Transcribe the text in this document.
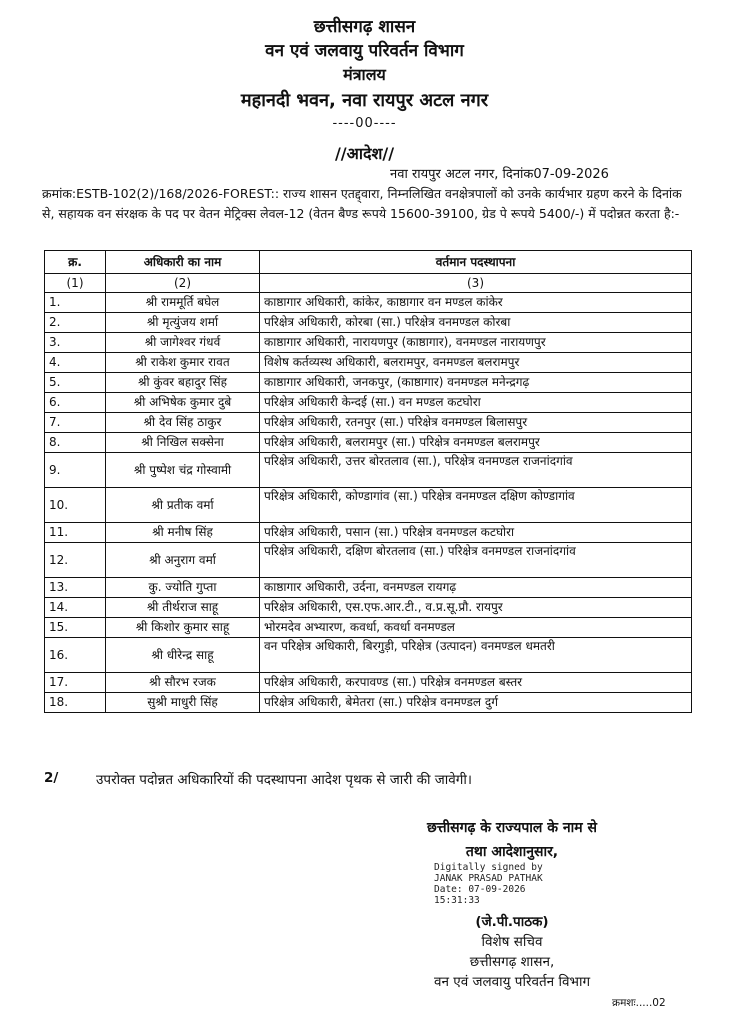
छत्तीसगढ़ शासन
वन एवं जलवायु परिवर्तन विभाग
मंत्रालय
महानदी भवन, नवा रायपुर अटल नगर
----00----
//आदेश//
नवा रायपुर अटल नगर, दिनांक07-09-2026
क्रमांक:ESTB-102(2)/168/2026-FOREST:: राज्य शासन एतद्द्वारा, निम्नलिखित वनक्षेत्रपालों को उनके कार्यभार ग्रहण करने के दिनांक से, सहायक वन संरक्षक के पद पर वेतन मेट्रिक्स लेवल-12 (वेतन बैण्ड रूपये 15600-39100, ग्रेड पे रूपये 5400/-) में पदोन्नत करता है:-
क्र.	अधिकारी का नाम	वर्तमान पदस्थापना
(1)	(2)	(3)
1.	श्री राममूर्ति बघेल	काष्ठागार अधिकारी, कांकेर, काष्ठागार वन मण्डल कांकेर
2.	श्री मृत्युंजय शर्मा	परिक्षेत्र अधिकारी, कोरबा (सा.) परिक्षेत्र वनमण्डल कोरबा
3.	श्री जागेश्वर गंधर्व	काष्ठागार अधिकारी, नारायणपुर (काष्ठागार), वनमण्डल नारायणपुर
4.	श्री राकेश कुमार रावत	विशेष कर्तव्यस्थ अधिकारी, बलरामपुर, वनमण्डल बलरामपुर
5.	श्री कुंवर बहादुर सिंह	काष्ठागार अधिकारी, जनकपुर, (काष्ठागार) वनमण्डल मनेन्द्रगढ़
6.	श्री अभिषेक कुमार दुबे	परिक्षेत्र अधिकारी केन्दई (सा.) वन मण्डल कटघोरा
7.	श्री देव सिंह ठाकुर	परिक्षेत्र अधिकारी, रतनपुर (सा.) परिक्षेत्र वनमण्डल बिलासपुर
8.	श्री निखिल सक्सेना	परिक्षेत्र अधिकारी, बलरामपुर (सा.) परिक्षेत्र वनमण्डल बलरामपुर
9.	श्री पुष्पेश चंद्र गोस्वामी	परिक्षेत्र अधिकारी, उत्तर बोरतलाव (सा.), परिक्षेत्र वनमण्डल राजनांदगांव
10.	श्री प्रतीक वर्मा	परिक्षेत्र अधिकारी, कोण्डागांव (सा.) परिक्षेत्र वनमण्डल दक्षिण कोण्डागांव
11.	श्री मनीष सिंह	परिक्षेत्र अधिकारी, पसान (सा.) परिक्षेत्र वनमण्डल कटघोरा
12.	श्री अनुराग वर्मा	परिक्षेत्र अधिकारी, दक्षिण बोरतलाव (सा.) परिक्षेत्र वनमण्डल राजनांदगांव
13.	कु. ज्योति गुप्ता	काष्ठागार अधिकारी, उर्दना, वनमण्डल रायगढ़
14.	श्री तीर्थराज साहू	परिक्षेत्र अधिकारी, एस.एफ.आर.टी., व.प्र.सू.प्रौ. रायपुर
15.	श्री किशोर कुमार साहू	भोरमदेव अभ्यारण, कवर्धा, कवर्धा वनमण्डल
16.	श्री धीरेन्द्र साहू	वन परिक्षेत्र अधिकारी, बिरगुड़ी, परिक्षेत्र (उत्पादन) वनमण्डल धमतरी
17.	श्री सौरभ रजक	परिक्षेत्र अधिकारी, करपावण्ड (सा.) परिक्षेत्र वनमण्डल बस्तर
18.	सुश्री माधुरी सिंह	परिक्षेत्र अधिकारी, बेमेतरा (सा.) परिक्षेत्र वनमण्डल दुर्ग
2/	उपरोक्त पदोन्नत अधिकारियों की पदस्थापना आदेश पृथक से जारी की जावेगी।
छत्तीसगढ़ के राज्यपाल के नाम से
तथा आदेशानुसार,
Digitally signed by
JANAK PRASAD PATHAK
Date: 07-09-2026
15:31:33
(जे.पी.पाठक)
विशेष सचिव
छत्तीसगढ़ शासन,
वन एवं जलवायु परिवर्तन विभाग
क्रमशः.....02
